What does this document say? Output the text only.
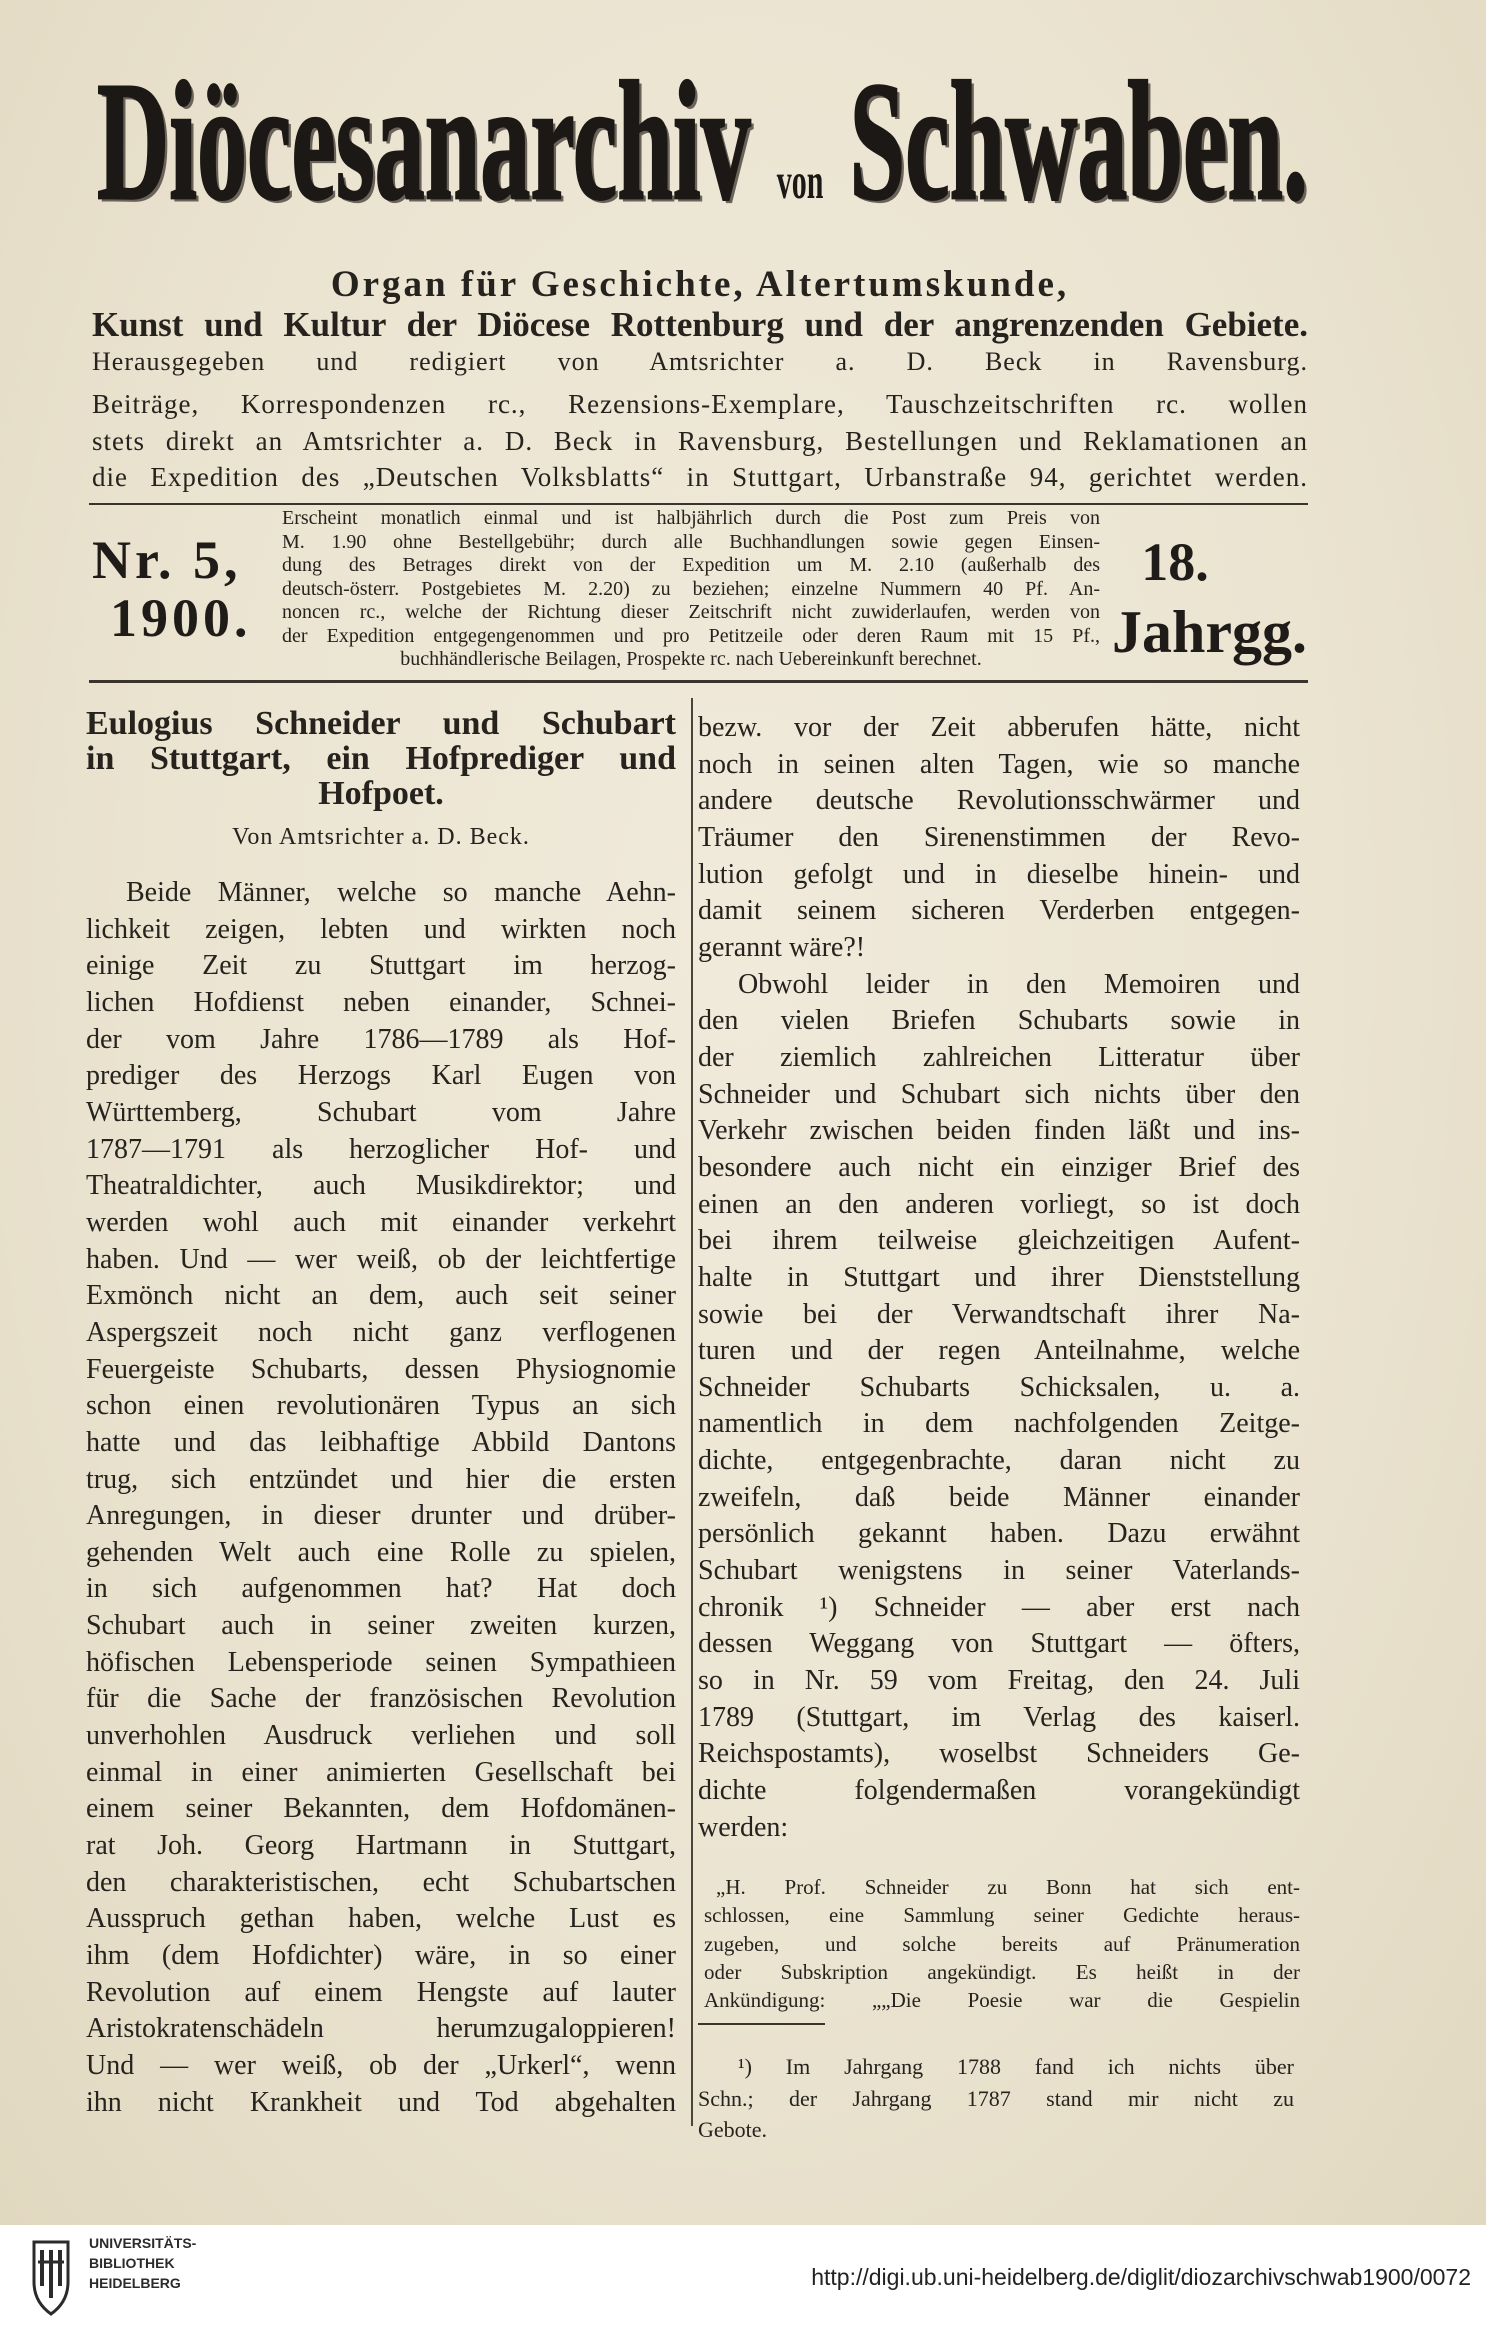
Diöcesanarchiv von Schwaben.
Organ für Geschichte, Altertumskunde,
Kunst und Kultur der Diöcese Rottenburg und der angrenzenden Gebiete.
Herausgegeben und redigiert von Amtsrichter a. D. Beck in Ravensburg.
Beiträge, Korrespondenzen rc., Rezensions-Exemplare, Tauschzeitschriften rc. wollen
stets direkt an Amtsrichter a. D. Beck in Ravensburg, Bestellungen und Reklamationen an
die Expedition des „Deutschen Volksblatts“ in Stuttgart, Urbanstraße 94, gerichtet werden.
Nr. 5,
1900.
Erscheint monatlich einmal und ist halbjährlich durch die Post zum Preis von
M. 1.90 ohne Bestellgebühr; durch alle Buchhandlungen sowie gegen Einsen-
dung des Betrages direkt von der Expedition um M. 2.10 (außerhalb des
deutsch-österr. Postgebietes M. 2.20) zu beziehen; einzelne Nummern 40 Pf. An-
noncen rc., welche der Richtung dieser Zeitschrift nicht zuwiderlaufen, werden von
der Expedition entgegengenommen und pro Petitzeile oder deren Raum mit 15 Pf.,
buchhändlerische Beilagen, Prospekte rc. nach Uebereinkunft berechnet.
18.
Jahrgg.
Eulogius Schneider und Schubart
in Stuttgart, ein Hofprediger und
Hofpoet.
Von Amtsrichter a. D. Beck.
Beide Männer, welche so manche Aehn-
lichkeit zeigen, lebten und wirkten noch
einige Zeit zu Stuttgart im herzog-
lichen Hofdienst neben einander, Schnei-
der vom Jahre 1786—1789 als Hof-
prediger des Herzogs Karl Eugen von
Württemberg, Schubart vom Jahre
1787—1791 als herzoglicher Hof- und
Theatraldichter, auch Musikdirektor; und
werden wohl auch mit einander verkehrt
haben. Und — wer weiß, ob der leichtfertige
Exmönch nicht an dem, auch seit seiner
Aspergszeit noch nicht ganz verflogenen
Feuergeiste Schubarts, dessen Physiognomie
schon einen revolutionären Typus an sich
hatte und das leibhaftige Abbild Dantons
trug, sich entzündet und hier die ersten
Anregungen, in dieser drunter und drüber-
gehenden Welt auch eine Rolle zu spielen,
in sich aufgenommen hat? Hat doch
Schubart auch in seiner zweiten kurzen,
höfischen Lebensperiode seinen Sympathieen
für die Sache der französischen Revolution
unverhohlen Ausdruck verliehen und soll
einmal in einer animierten Gesellschaft bei
einem seiner Bekannten, dem Hofdomänen-
rat Joh. Georg Hartmann in Stuttgart,
den charakteristischen, echt Schubartschen
Ausspruch gethan haben, welche Lust es
ihm (dem Hofdichter) wäre, in so einer
Revolution auf einem Hengste auf lauter
Aristokratenschädeln herumzugaloppieren!
Und — wer weiß, ob der „Urkerl“, wenn
ihn nicht Krankheit und Tod abgehalten
bezw. vor der Zeit abberufen hätte, nicht
noch in seinen alten Tagen, wie so manche
andere deutsche Revolutionsschwärmer und
Träumer den Sirenenstimmen der Revo-
lution gefolgt und in dieselbe hinein- und
damit seinem sicheren Verderben entgegen-
gerannt wäre?!
Obwohl leider in den Memoiren und
den vielen Briefen Schubarts sowie in
der ziemlich zahlreichen Litteratur über
Schneider und Schubart sich nichts über den
Verkehr zwischen beiden finden läßt und ins-
besondere auch nicht ein einziger Brief des
einen an den anderen vorliegt, so ist doch
bei ihrem teilweise gleichzeitigen Aufent-
halte in Stuttgart und ihrer Dienststellung
sowie bei der Verwandtschaft ihrer Na-
turen und der regen Anteilnahme, welche
Schneider Schubarts Schicksalen, u. a.
namentlich in dem nachfolgenden Zeitge-
dichte, entgegenbrachte, daran nicht zu
zweifeln, daß beide Männer einander
persönlich gekannt haben. Dazu erwähnt
Schubart wenigstens in seiner Vaterlands-
chronik ¹) Schneider — aber erst nach
dessen Weggang von Stuttgart — öfters,
so in Nr. 59 vom Freitag, den 24. Juli
1789 (Stuttgart, im Verlag des kaiserl.
Reichspostamts), woselbst Schneiders Ge-
dichte folgendermaßen vorangekündigt
werden:
„H. Prof. Schneider zu Bonn hat sich ent-
schlossen, eine Sammlung seiner Gedichte heraus-
zugeben, und solche bereits auf Pränumeration
oder Subskription angekündigt. Es heißt in der
Ankündigung: „„Die Poesie war die Gespielin
¹) Im Jahrgang 1788 fand ich nichts über
Schn.; der Jahrgang 1787 stand mir nicht zu
Gebote.
UNIVERSITÄTS-
BIBLIOTHEK
HEIDELBERG	http://digi.ub.uni-heidelberg.de/diglit/diozarchivschwab1900/0072
